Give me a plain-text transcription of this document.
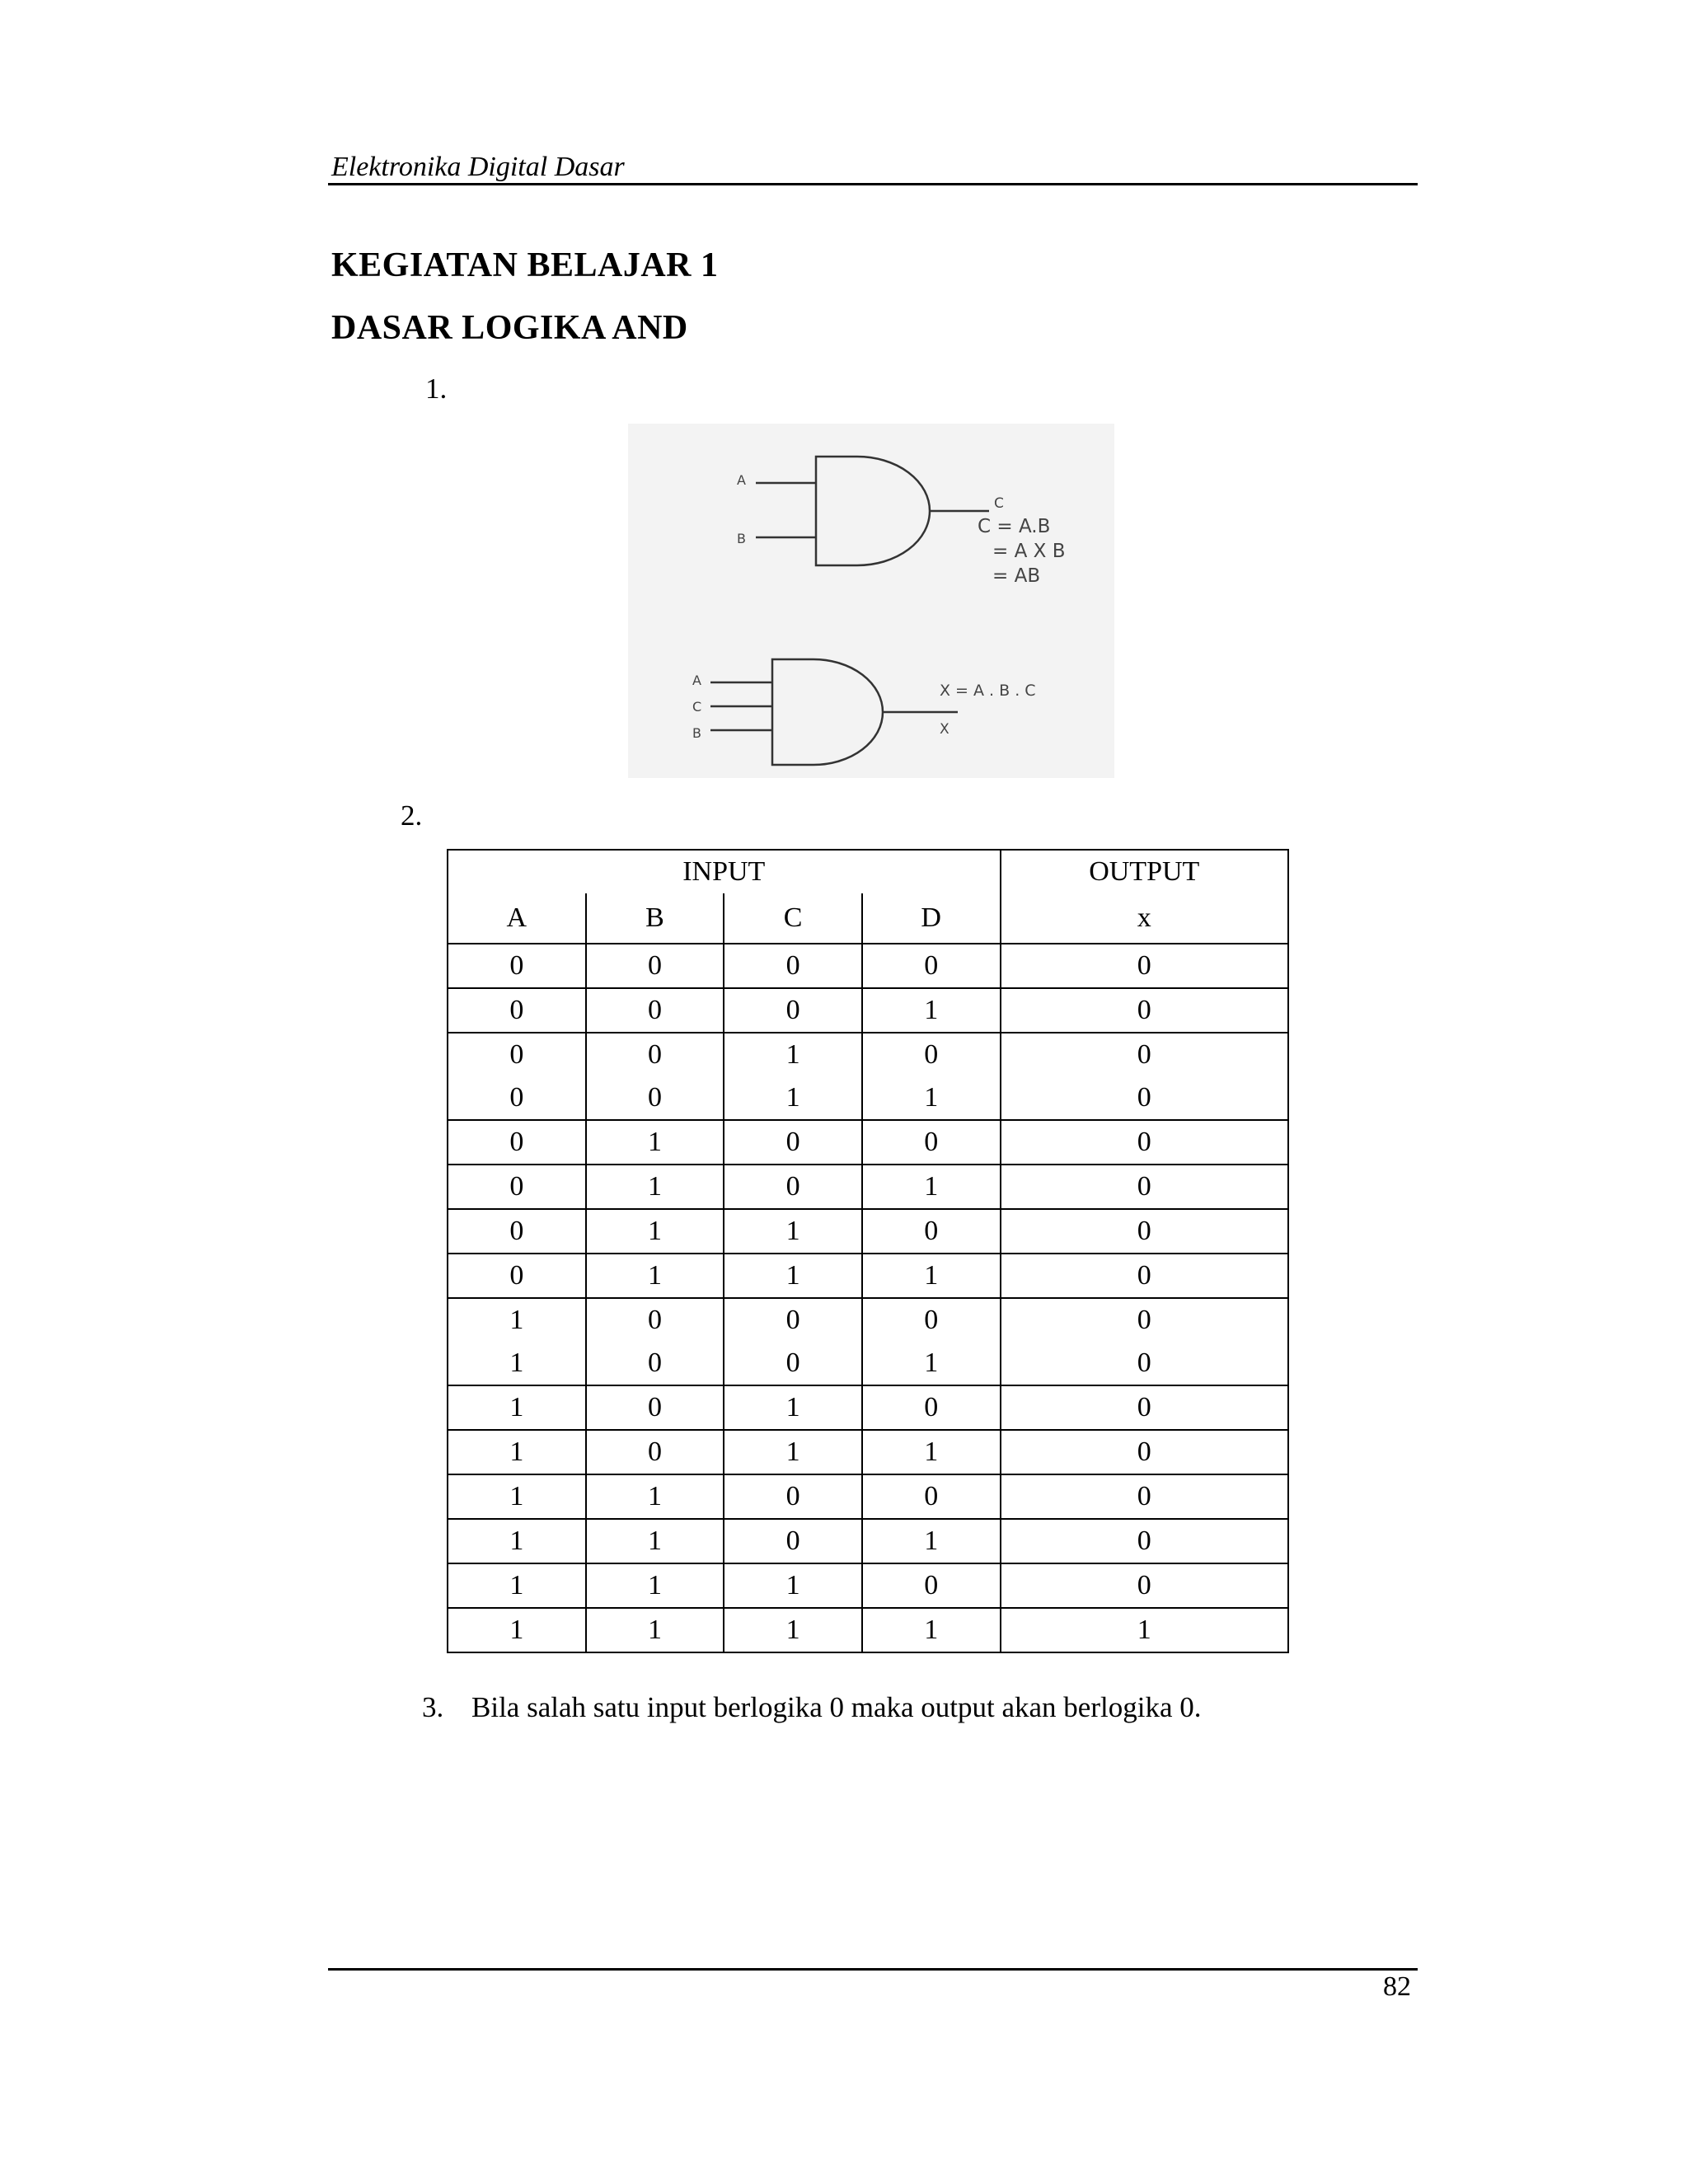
Elektronika Digital Dasar
KEGIATAN BELAJAR 1
DASAR LOGIKA AND
1.
A
B
C
C = A.B
= A X B
= AB
A
C
B
X = A . B . C
X
2.
INPUT				OUTPUT

A	B	C	D	x

0	0	0	0	0

0	0	0	1	0

0	0	1	0	0

0	0	1	1	0

0	1	0	0	0

0	1	0	1	0

0	1	1	0	0

0	1	1	1	0

1	0	0	0	0

1	0	0	1	0

1	0	1	0	0

1	0	1	1	0

1	1	0	0	0

1	1	0	1	0

1	1	1	0	0

1	1	1	1	1
3. Bila salah satu input berlogika 0 maka output akan berlogika 0.
82
